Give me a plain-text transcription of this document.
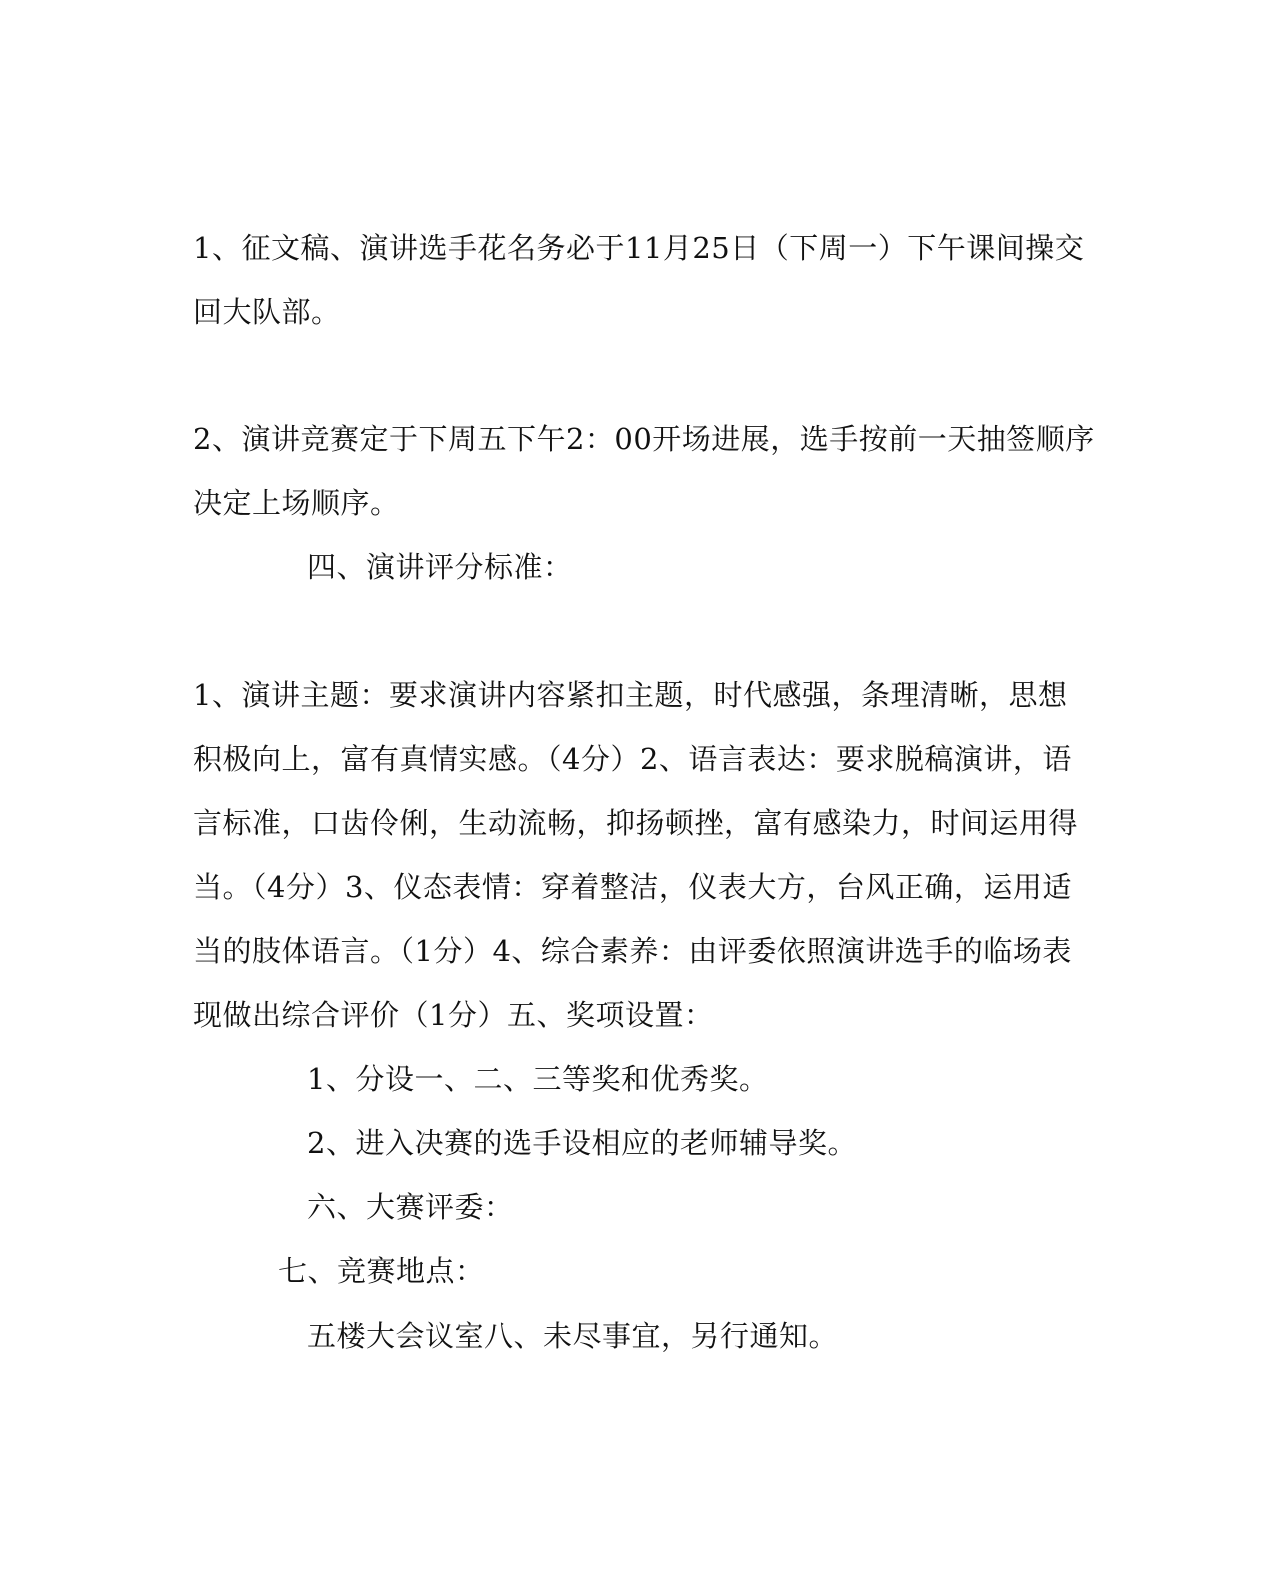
1、征文稿、演讲选手花名务必于11月25日（下周一）下午课间操交
回大队部。
2、演讲竞赛定于下周五下午2：00开场进展，选手按前一天抽签顺序
决定上场顺序。
四、演讲评分标准：
1、演讲主题：要求演讲内容紧扣主题，时代感强，条理清晰，思想
积极向上，富有真情实感。（4分）2、语言表达：要求脱稿演讲，语
言标准，口齿伶俐，生动流畅，抑扬顿挫，富有感染力，时间运用得
当。（4分）3、仪态表情：穿着整洁，仪表大方，台风正确，运用适
当的肢体语言。（1分）4、综合素养：由评委依照演讲选手的临场表
现做出综合评价（1分）五、奖项设置：
1、分设一、二、三等奖和优秀奖。
2、进入决赛的选手设相应的老师辅导奖。
六、大赛评委：
七、竞赛地点：
五楼大会议室八、未尽事宜，另行通知。
